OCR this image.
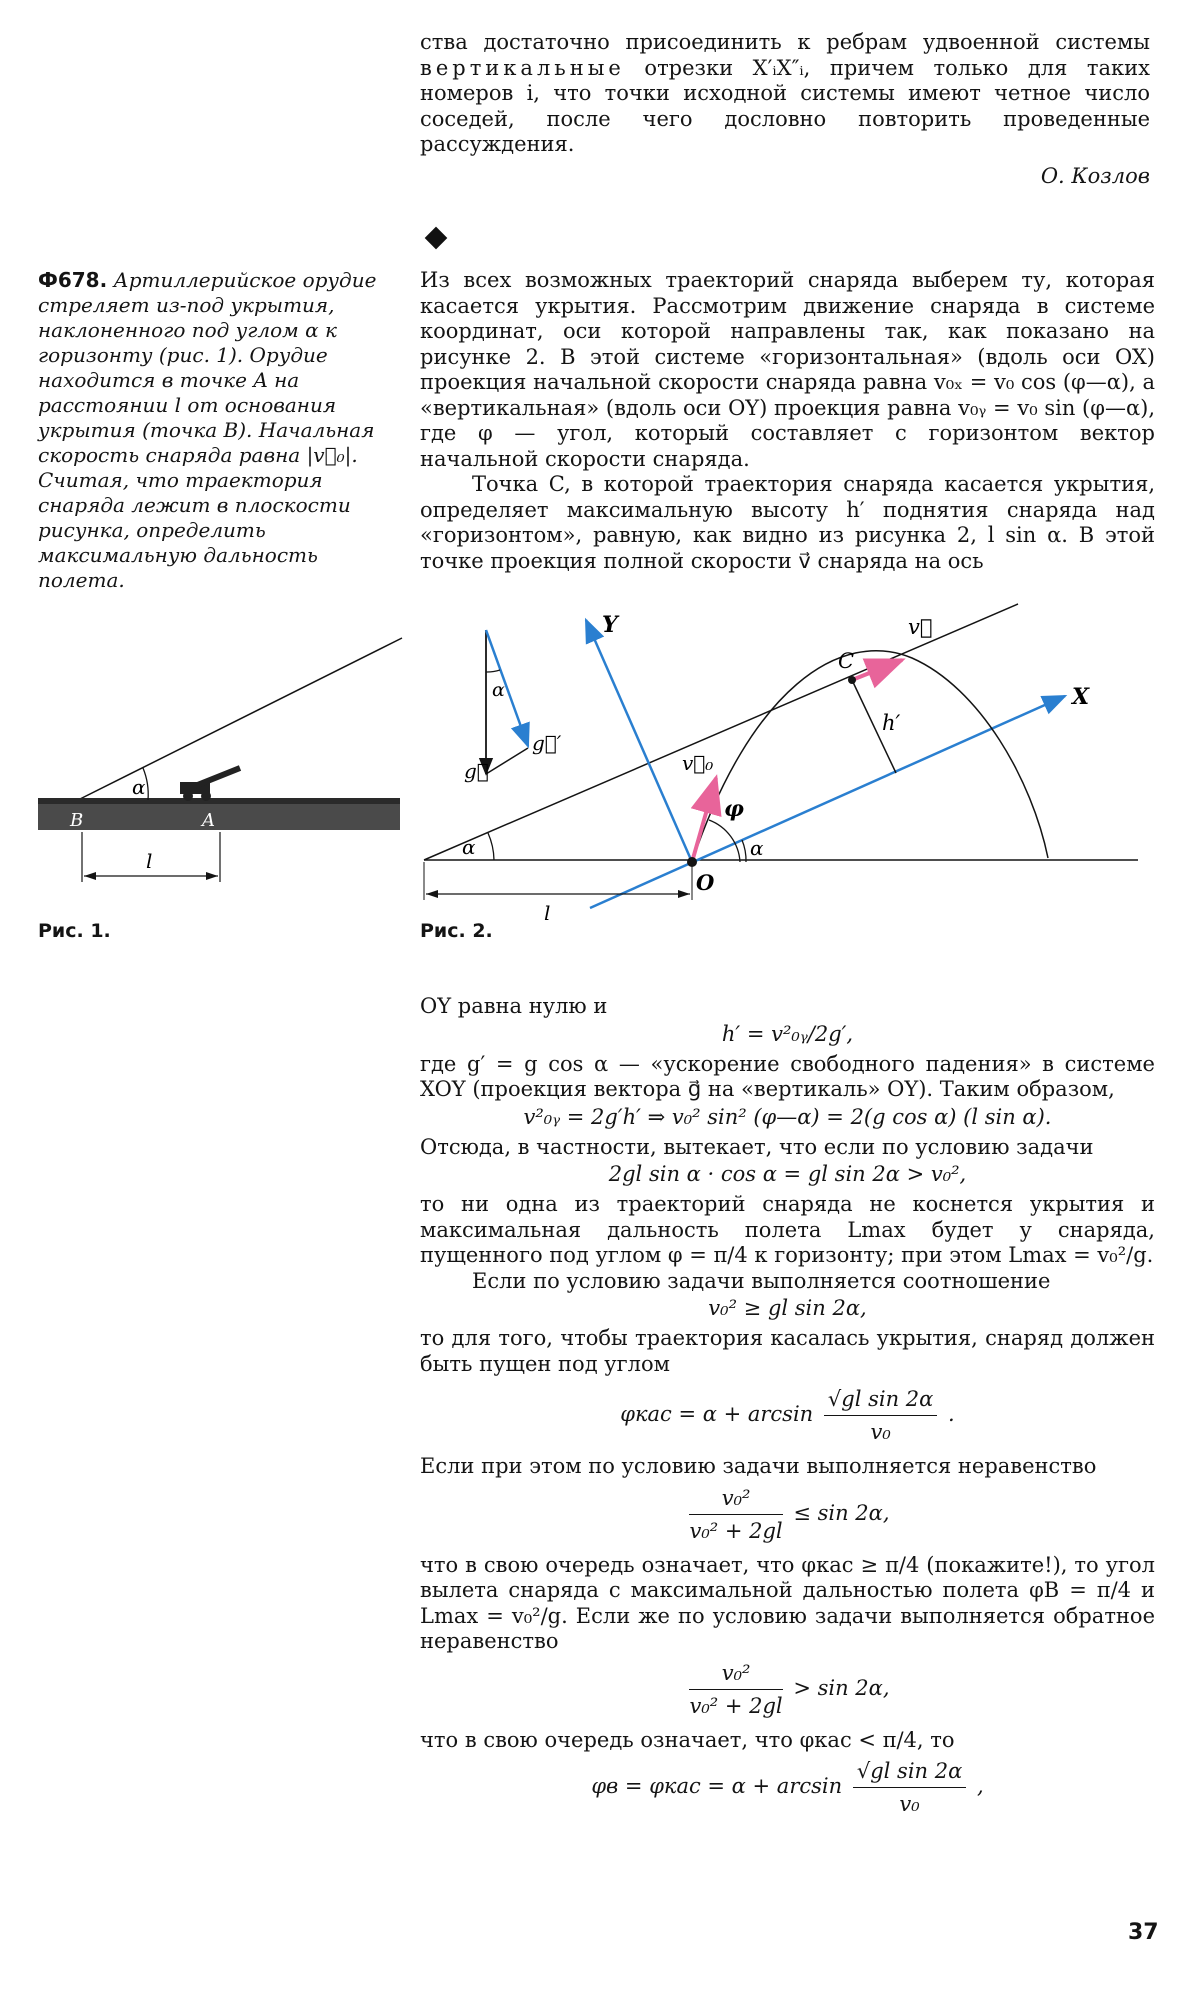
ства достаточно присоединить к ребрам удвоенной системы вертикальные отрезки X′ᵢX″ᵢ, причем только для таких номеров i, что точки исходной системы имеют четное число соседей, после чего дословно повторить проведенные рассуждения.

О. Козлов
Ф678. Артиллерийское орудие стреляет из-под укрытия, наклоненного под углом α к горизонту (рис. 1). Орудие находится в точке A на расстоянии l от основания укрытия (точка B). Начальная скорость снаряда равна |v⃗₀|. Считая, что траектория снаряда лежит в плоскости рисунка, определить максимальную дальность полета.

Из всех возможных траекторий снаряда выберем ту, которая касается укрытия. Рассмотрим движение снаряда в системе координат, оси которой направлены так, как показано на рисунке 2. В этой системе «горизонтальная» (вдоль оси OX) проекция начальной скорости снаряда равна v₀ₓ = v₀ cos (φ—α), а «вертикальная» (вдоль оси OY) проекция равна v₀ᵧ = v₀ sin (φ—α), где φ — угол, который составляет с горизонтом вектор начальной скорости снаряда.

Точка C, в которой траектория снаряда касается укрытия, определяет максимальную высоту h′ поднятия снаряда над «горизонтом», равную, как видно из рисунка 2, l sin α. В этой точке проекция полной скорости v⃗ снаряда на ось

α
B	A
l
Рис. 1.
X
Y
h′
v⃗
C
v⃗₀
φ
α
α
O
l
α
g⃗
g⃗′
Рис. 2.

OY равна нулю и

h′ = v²₀ᵧ/2g′,

где g′ = g cos α — «ускорение свободного падения» в системе XOY (проекция вектора g⃗ на «вертикаль» OY). Таким образом,

v²₀ᵧ = 2g′h′ ⇒ v₀² sin² (φ—α) = 2(g cos α) (l sin α).

Отсюда, в частности, вытекает, что если по условию задачи

2gl sin α · cos α = gl sin 2α > v₀²,

то ни одна из траекторий снаряда не коснется укрытия и максимальная дальность полета Lmax будет у снаряда, пущенного под углом φ = π/4 к горизонту; при этом Lmax = v₀²/g.

Если по условию задачи выполняется соотношение

v₀² ≥ gl sin 2α,

то для того, чтобы траектория касалась укрытия, снаряд должен быть пущен под углом

$\varphi кас = \alpha + \arcsin \frac{\text{√gl sin 2α}}{\text{v₀}}$ .

Если при этом по условию задачи выполняется неравенство

$\frac{\text{v₀²}}{\text{v₀² + 2gl}} \le \sin 2\alpha$,

что в свою очередь означает, что φкас ≥ π/4 (покажите!), то угол вылета снаряда с максимальной дальностью полета φB = π/4 и Lmax = v₀²/g. Если же по условию задачи выполняется обратное неравенство

$\frac{\text{v₀²}}{\text{v₀² + 2gl}} > \sin 2\alpha$,

что в свою очередь означает, что φкас < π/4, то

$\varphi в = \varphi кас = \alpha + \arcsin \frac{\text{√gl sin 2α}}{\text{v₀}}$ ,
37
